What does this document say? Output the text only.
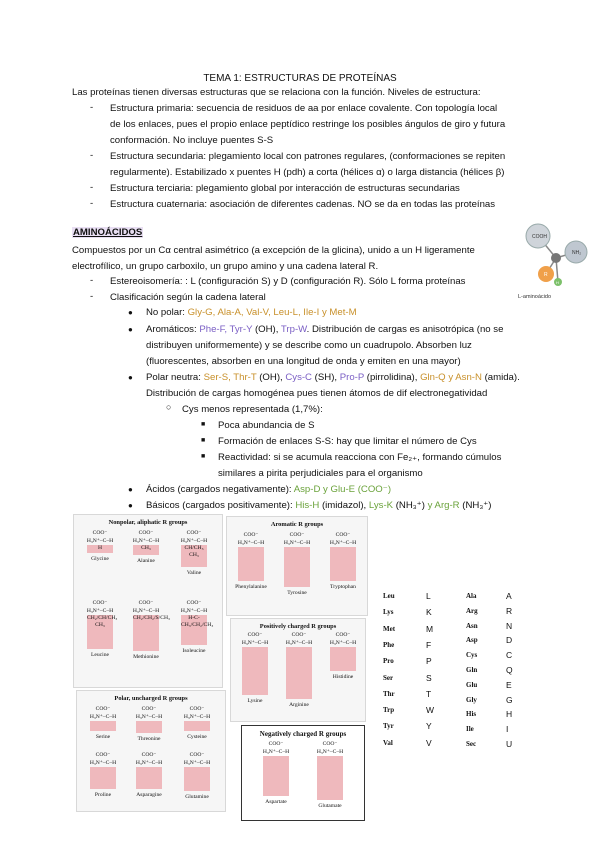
TEMA 1: ESTRUCTURAS DE PROTEÍNAS
Las proteínas tienen diversas estructuras que se relaciona con la función. Niveles de estructura:
- Estructura primaria: secuencia de residuos de aa por enlace covalente. Con topología local
de los enlaces, pues el propio enlace peptídico restringe los posibles ángulos de giro y futura
conformación. No incluye puentes S-S
- Estructura secundaria: plegamiento local con patrones regulares, (conformaciones se repiten
regularmente). Estabilizado x puentes H (pdh) a corta (hélices α) o larga distancia (hélices β)
- Estructura terciaria: plegamiento global por interacción de estructuras secundarias
- Estructura cuaternaria: asociación de diferentes cadenas. NO se da en todas las proteínas
AMINOÁCIDOS
Compuestos por un Cα central asimétrico (a excepción de la glicina), unido a un H ligeramente
electrofílico, un grupo carboxilo, un grupo amino y una cadena lateral R.
- Estereoisomería: : L (configuración S) y D (configuración R). Sólo L forma proteínas
- Clasificación según la cadena lateral
● No polar: Gly-G, Ala-A, Val-V, Leu-L, Ile-I y Met-M
● Aromáticos: Phe-F, Tyr-Y (OH), Trp-W. Distribución de cargas es anisotrópica (no se
distribuyen uniformemente) y se describe como un cuadrupolo. Absorben luz
(fluorescentes, absorben en una longitud de onda y emiten en una mayor)
● Polar neutra: Ser-S, Thr-T (OH), Cys-C (SH), Pro-P (pirrolidina), Gln-Q y Asn-N (amida).
Distribución de cargas homogénea pues tienen átomos de dif electronegatividad
○ Cys menos representada (1,7%):
■ Poca abundancia de S
■ Formación de enlaces S-S: hay que limitar el número de Cys
■ Reactividad: si se acumula reacciona con Fe₂₊, formando cúmulos
similares a pirita perjudiciales para el organismo
● Ácidos (cargados negativamente): Asp-D y Glu-E (COO⁻)
● Básicos (cargados positivamente): His-H (imidazol), Lys-K (NH₃⁺) y Arg-R (NH₃⁺)
COOH
NH₂
R
H
L-aminoácido
Nonpolar, aliphatic R groups
COO⁻
H₃N⁺–C–H
H
Glycine
COO⁻
H₃N⁺–C–H
CH₃
Alanine
COO⁻
H₃N⁺–C–H
CH/CH₃ CH₃
Valine
COO⁻
H₃N⁺–C–H
CH₂/CH/CH₃ CH₃
Leucine
COO⁻
H₃N⁺–C–H
CH₂/CH₂/S/CH₃
Methionine
COO⁻
H₃N⁺–C–H
H-C-CH₃/CH₂/CH₃
Isoleucine
Aromatic R groups
COO⁻
H₃N⁺–C–H
Phenylalanine
COO⁻
H₃N⁺–C–H
Tyrosine
COO⁻
H₃N⁺–C–H
Tryptophan
Positively charged R groups
COO⁻
H₃N⁺–C–H
Lysine
COO⁻
H₃N⁺–C–H
Arginine
COO⁻
H₃N⁺–C–H
Histidine
Polar, uncharged R groups
COO⁻
H₃N⁺–C–H
Serine
COO⁻
H₃N⁺–C–H
Threonine
COO⁻
H₃N⁺–C–H
Cysteine
COO⁻
H₃N⁺–C–H
Proline
COO⁻
H₃N⁺–C–H
Asparagine
COO⁻
H₃N⁺–C–H
Glutamine
Negatively charged R groups
COO⁻
H₃N⁺–C–H
Aspartate
COO⁻
H₃N⁺–C–H
Glutamate
Leu	L
Lys	K
Met	M
Phe	F
Pro	P
Ser	S
Thr	T
Trp	W
Tyr	Y
Val	V
Ala	A
Arg	R
Asn	N
Asp	D
Cys	C
Gln	Q
Glu	E
Gly	G
His	H
Ile	I
Sec	U
